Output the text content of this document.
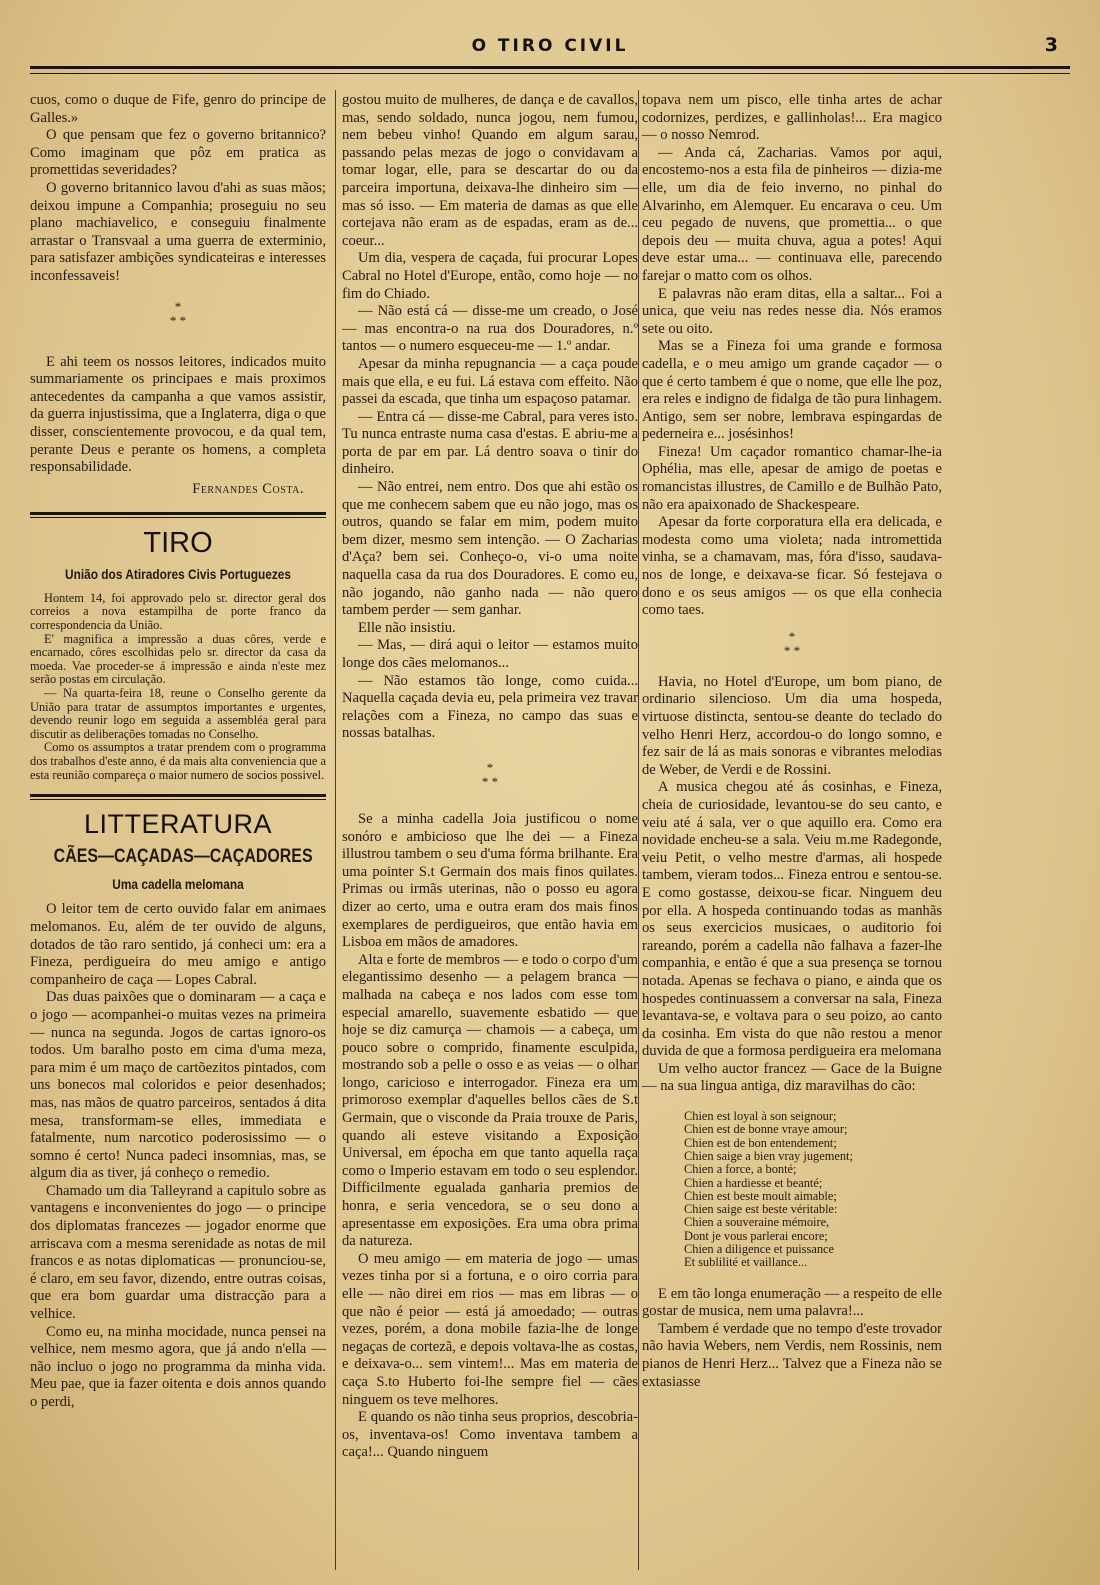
O TIRO CIVIL	3

cuos, como o duque de Fife, genro do principe de Galles.»

O que pensam que fez o governo britannico? Como imaginam que pôz em pratica as promettidas severidades?

O governo britannico lavou d'ahi as suas mãos; deixou impune a Companhia; proseguiu no seu plano machiavelico, e conseguiu finalmente arrastar o Transvaal a uma guerra de exterminio, para satisfazer ambições syndicateiras e interesses inconfessaveis!

*
* *

E ahi teem os nossos leitores, indicados muito summariamente os principaes e mais proximos antecedentes da campanha a que vamos assistir, da guerra injustissima, que a Inglaterra, diga o que disser, conscientemente provocou, e da qual tem, perante Deus e perante os homens, a completa responsabilidade.

Fernandes Costa.
TIRO
União dos Atiradores Civis Portuguezes

Hontem 14, foi approvado pelo sr. director geral dos correios a nova estampilha de porte franco da correspondencia da União.

E' magnifica a impressão a duas côres, verde e encarnado, côres escolhidas pelo sr. director da casa da moeda. Vae proceder-se á impressão e ainda n'este mez serão postas em circulação.

— Na quarta-feira 18, reune o Conselho gerente da União para tratar de assumptos importantes e urgentes, devendo reunir logo em seguida a assembléa geral para discutir as deliberações tomadas no Conselho.

Como os assumptos a tratar prendem com o programma dos trabalhos d'este anno, é da mais alta conveniencia que a esta reunião compareça o maior numero de socios possivel.

LITTERATURA
CÃES—CAÇADAS—CAÇADORES
Uma cadella melomana

O leitor tem de certo ouvido falar em animaes melomanos. Eu, além de ter ouvido de alguns, dotados de tão raro sentido, já conheci um: era a Fineza, perdigueira do meu amigo e antigo companheiro de caça — Lopes Cabral.

Das duas paixões que o dominaram — a caça e o jogo — acompanhei-o muitas vezes na primeira — nunca na segunda. Jogos de cartas ignoro-os todos. Um baralho posto em cima d'uma meza, para mim é um maço de cartõezitos pintados, com uns bonecos mal coloridos e peior desenhados; mas, nas mãos de quatro parceiros, sentados á dita mesa, transformam-se elles, immediata e fatalmente, num narcotico poderosissimo — o somno é certo! Nunca padeci insomnias, mas, se algum dia as tiver, já conheço o remedio.

Chamado um dia Talleyrand a capitulo sobre as vantagens e inconvenientes do jogo — o principe dos diplomatas francezes — jogador enorme que arriscava com a mesma serenidade as notas de mil francos e as notas diplomaticas — pronunciou-se, é claro, em seu favor, dizendo, entre outras coisas, que era bom guardar uma distracção para a velhice.

Como eu, na minha mocidade, nunca pensei na velhice, nem mesmo agora, que já ando n'ella — não incluo o jogo no programma da minha vida. Meu pae, que ia fazer oitenta e dois annos quando o perdi,

gostou muito de mulheres, de dança e de cavallos, mas, sendo soldado, nunca jogou, nem fumou, nem bebeu vinho! Quando em algum sarau, passando pelas mezas de jogo o convidavam a tomar logar, elle, para se descartar do ou da parceira importuna, deixava-lhe dinheiro sim — mas só isso. — Em materia de damas as que elle cortejava não eram as de espadas, eram as de... coeur...

Um dia, vespera de caçada, fui procurar Lopes Cabral no Hotel d'Europe, então, como hoje — no fim do Chiado.

— Não está cá — disse-me um creado, o José — mas encontra-o na rua dos Douradores, n.º tantos — o numero esqueceu-me — 1.º andar.

Apesar da minha repugnancia — a caça poude mais que ella, e eu fui. Lá estava com effeito. Não passei da escada, que tinha um espaçoso patamar.

— Entra cá — disse-me Cabral, para veres isto. Tu nunca entraste numa casa d'estas. E abriu-me a porta de par em par. Lá dentro soava o tinir do dinheiro.

— Não entrei, nem entro. Dos que ahi estão os que me conhecem sabem que eu não jogo, mas os outros, quando se falar em mim, podem muito bem dizer, mesmo sem intenção. — O Zacharias d'Aça? bem sei. Conheço-o, vi-o uma noite naquella casa da rua dos Douradores. E como eu, não jogando, não ganho nada — não quero tambem perder — sem ganhar.

Elle não insistiu.

— Mas, — dirá aqui o leitor — estamos muito longe dos cães melomanos...

— Não estamos tão longe, como cuida... Naquella caçada devia eu, pela primeira vez travar relações com a Fineza, no campo das suas e nossas batalhas.

*
* *

Se a minha cadella Joia justificou o nome sonóro e ambicioso que lhe dei — a Fineza illustrou tambem o seu d'uma fórma brilhante. Era uma pointer S.t Germain dos mais finos quilates. Primas ou irmãs uterinas, não o posso eu agora dizer ao certo, uma e outra eram dos mais finos exemplares de perdigueiros, que então havia em Lisboa em mãos de amadores.

Alta e forte de membros — e todo o corpo d'um elegantissimo desenho — a pelagem branca — malhada na cabeça e nos lados com esse tom especial amarello, suavemente esbatido — que hoje se diz camurça — chamois — a cabeça, um pouco sobre o comprido, finamente esculpida, mostrando sob a pelle o osso e as veias — o olhar longo, caricioso e interrogador. Fineza era um primoroso exemplar d'aquelles bellos cães de S.t Germain, que o visconde da Praia trouxe de Paris, quando ali esteve visitando a Exposição Universal, em épocha em que tanto aquella raça como o Imperio estavam em todo o seu esplendor. Difficilmente egualada ganharia premios de honra, e seria vencedora, se o seu dono a apresentasse em exposições. Era uma obra prima da natureza.

O meu amigo — em materia de jogo — umas vezes tinha por si a fortuna, e o oiro corria para elle — não direi em rios — mas em libras — o que não é peior — está já amoedado; — outras vezes, porém, a dona mobile fazia-lhe de longe negaças de cortezã, e depois voltava-lhe as costas, e deixava-o... sem vintem!... Mas em materia de caça S.to Huberto foi-lhe sempre fiel — cães ninguem os teve melhores.

E quando os não tinha seus proprios, descobria-os, inventava-os! Como inventava tambem a caça!... Quando ninguem

topava nem um pisco, elle tinha artes de achar codornizes, perdizes, e gallinholas!... Era magico — o nosso Nemrod.

— Anda cá, Zacharias. Vamos por aqui, encostemo-nos a esta fila de pinheiros — dizia-me elle, um dia de feio inverno, no pinhal do Alvarinho, em Alemquer. Eu encarava o ceu. Um ceu pegado de nuvens, que promettia... o que depois deu — muita chuva, agua a potes! Aqui deve estar uma... — continuava elle, parecendo farejar o matto com os olhos.

E palavras não eram ditas, ella a saltar... Foi a unica, que veiu nas redes nesse dia. Nós eramos sete ou oito.

Mas se a Fineza foi uma grande e formosa cadella, e o meu amigo um grande caçador — o que é certo tambem é que o nome, que elle lhe poz, era reles e indigno de fidalga de tão pura linhagem. Antigo, sem ser nobre, lembrava espingardas de pederneira e... josésinhos!

Fineza! Um caçador romantico chamar-lhe-ia Ophélia, mas elle, apesar de amigo de poetas e romancistas illustres, de Camillo e de Bulhão Pato, não era apaixonado de Shackespeare.

Apesar da forte corporatura ella era delicada, e modesta como uma violeta; nada intromettida vinha, se a chamavam, mas, fóra d'isso, saudava-nos de longe, e deixava-se ficar. Só festejava o dono e os seus amigos — os que ella conhecia como taes.

*
* *

Havia, no Hotel d'Europe, um bom piano, de ordinario silencioso. Um dia uma hospeda, virtuose distincta, sentou-se deante do teclado do velho Henri Herz, accordou-o do longo somno, e fez sair de lá as mais sonoras e vibrantes melodias de Weber, de Verdi e de Rossini.

A musica chegou até ás cosinhas, e Fineza, cheia de curiosidade, levantou-se do seu canto, e veiu até á sala, ver o que aquillo era. Como era novidade encheu-se a sala. Veiu m.me Radegonde, veiu Petit, o velho mestre d'armas, ali hospede tambem, vieram todos... Fineza entrou e sentou-se. E como gostasse, deixou-se ficar. Ninguem deu por ella. A hospeda continuando todas as manhãs os seus exercicios musicaes, o auditorio foi rareando, porém a cadella não falhava a fazer-lhe companhia, e então é que a sua presença se tornou notada. Apenas se fechava o piano, e ainda que os hospedes continuassem a conversar na sala, Fineza levantava-se, e voltava para o seu poizo, ao canto da cosinha. Em vista do que não restou a menor duvida de que a formosa perdigueira era melomana

Um velho auctor francez — Gace de la Buigne — na sua lingua antiga, diz maravilhas do cão:

Chien est loyal à son seignour;
Chien est de bonne vraye amour;
Chien est de bon entendement;
Chien saige a bien vray jugement;
Chien a force, a bonté;
Chien a hardiesse et beanté;
Chien est beste moult aimable;
Chien saige est beste véritable:
Chien a souveraine mémoire,
Dont je vous parlerai encore;
Chien a diligence et puissance
Et sublilité et vaillance...

E em tão longa enumeração — a respeito de elle gostar de musica, nem uma palavra!...

Tambem é verdade que no tempo d'este trovador não havia Webers, nem Verdis, nem Rossinis, nem pianos de Henri Herz... Talvez que a Fineza não se extasiasse
